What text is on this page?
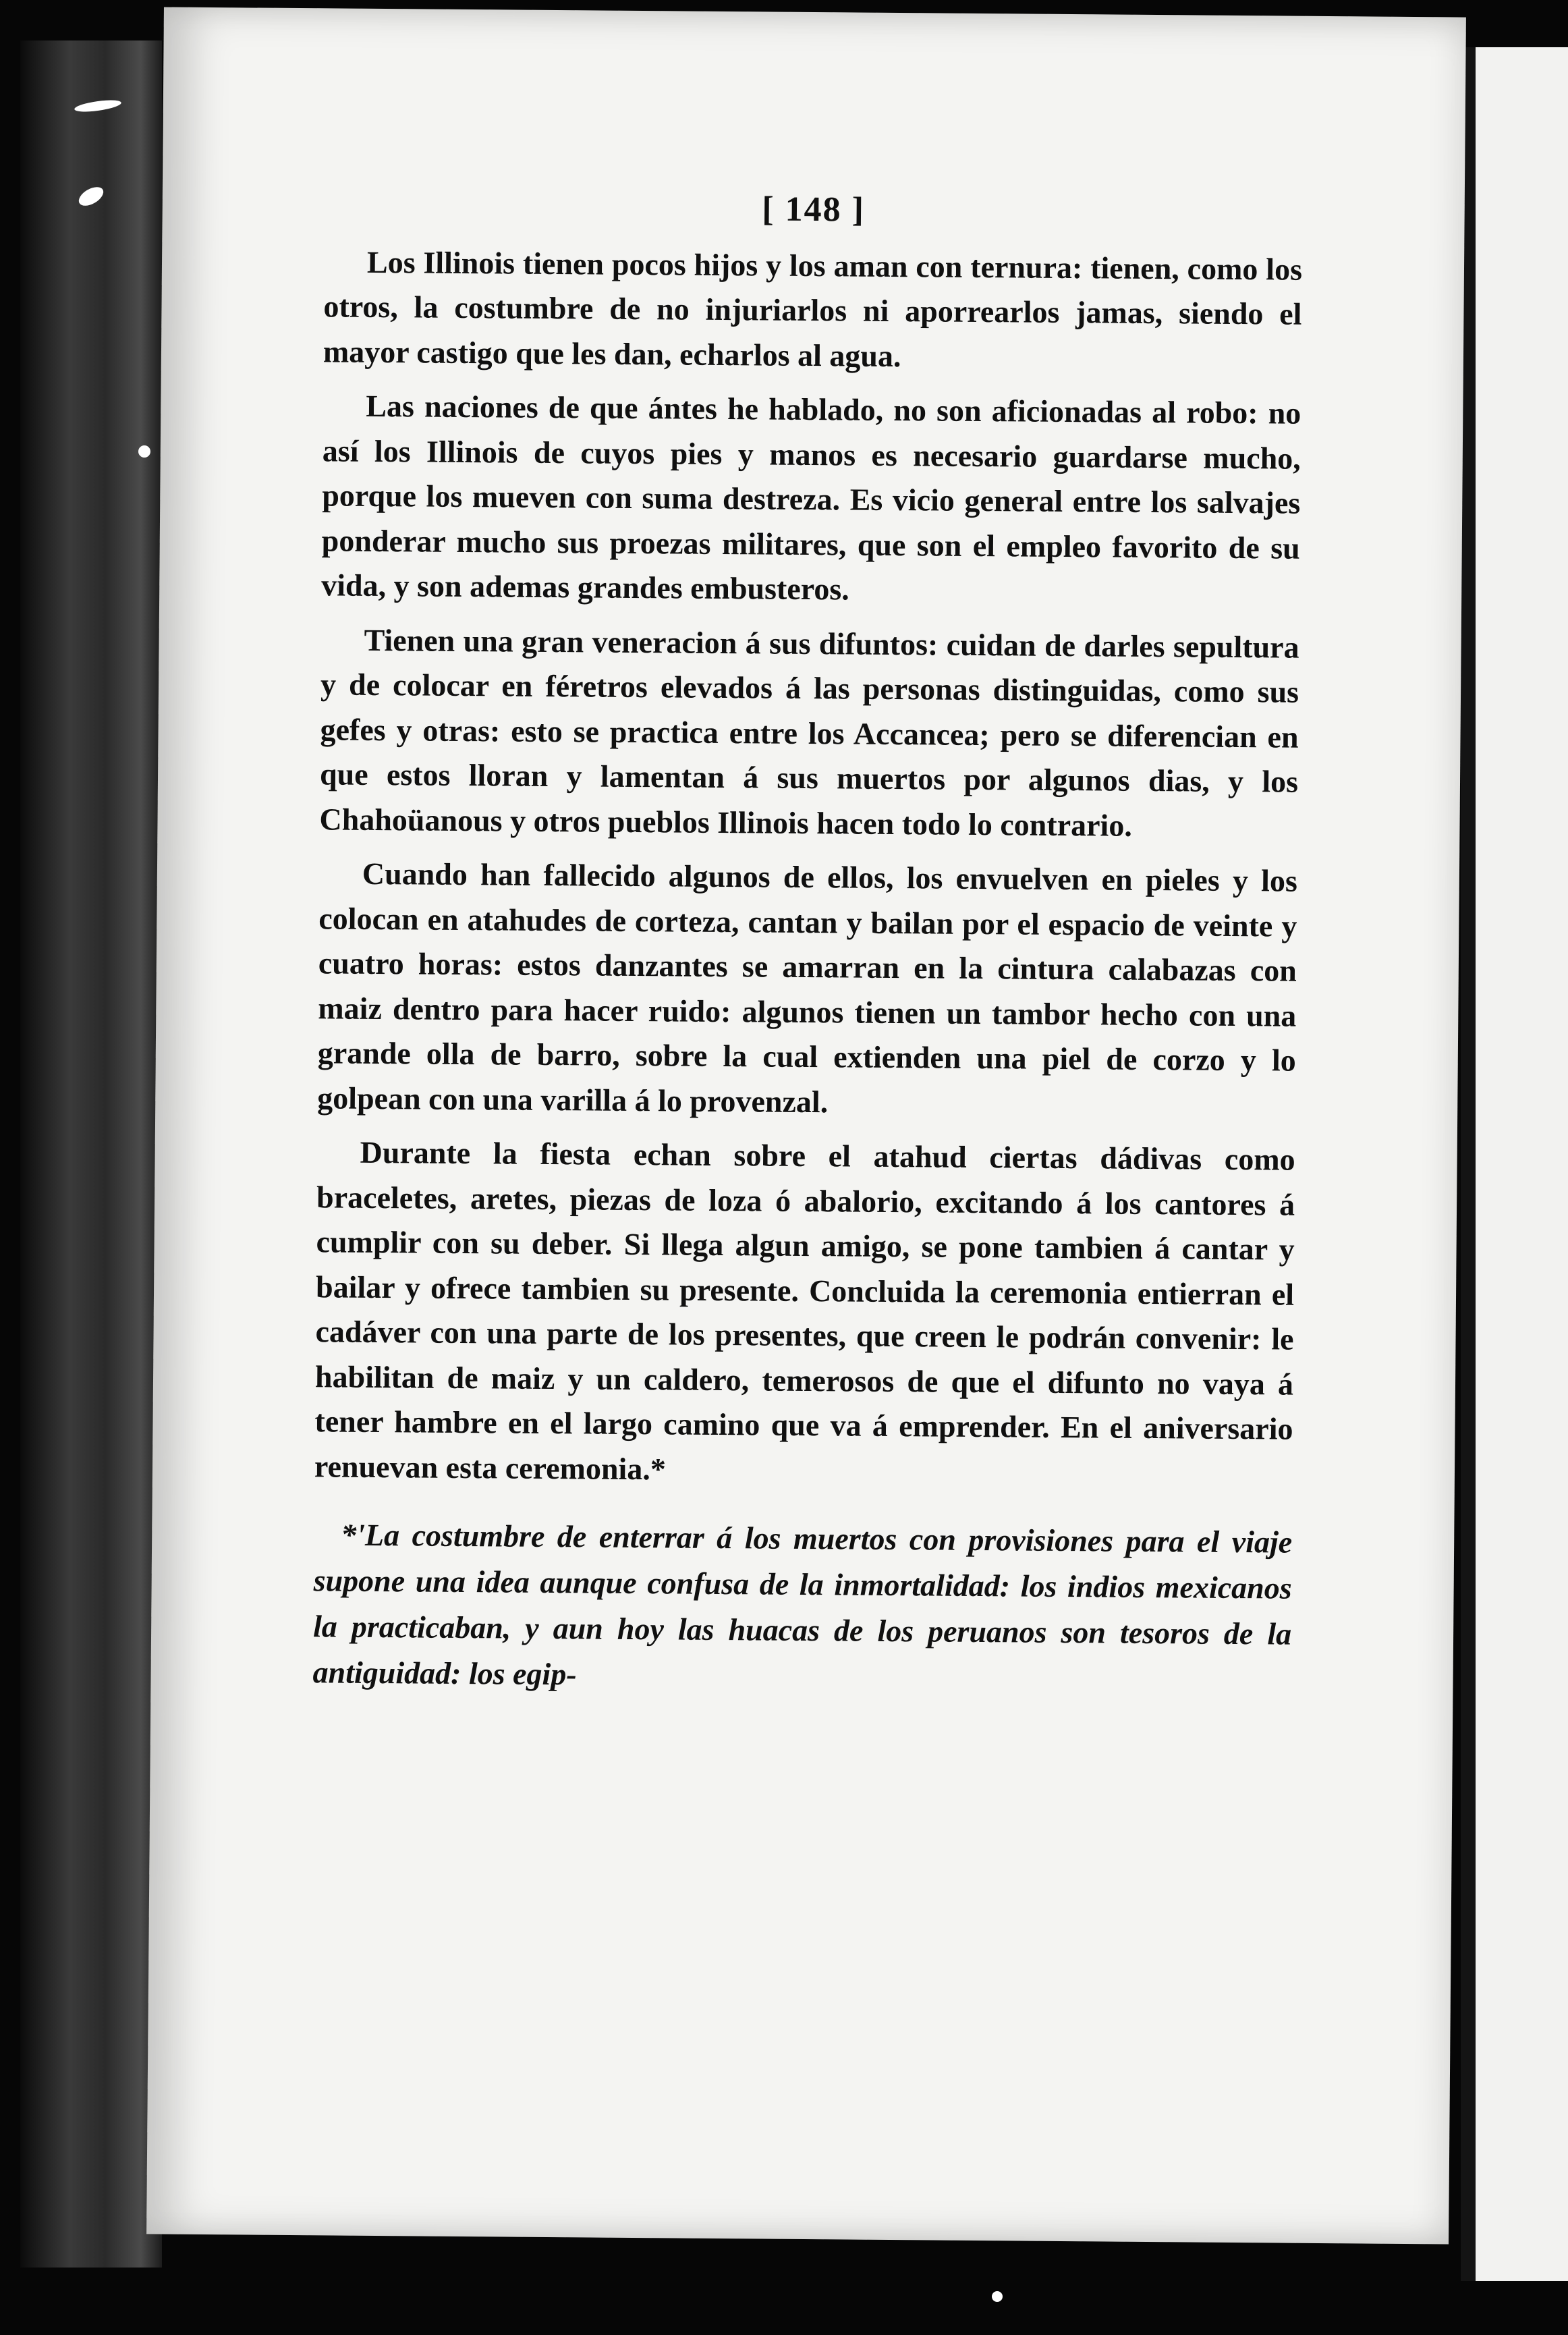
[ 148 ]

Los Illinois tienen pocos hijos y los aman con ternura: tienen, como los otros, la costumbre de no injuriarlos ni aporrearlos jamas, siendo el mayor castigo que les dan, echarlos al agua.

Las naciones de que ántes he hablado, no son aficionadas al robo: no así los Illinois de cuyos pies y manos es necesario guardarse mucho, porque los mueven con suma destreza. Es vicio general entre los salvajes ponderar mucho sus proezas militares, que son el empleo favorito de su vida, y son ademas grandes embusteros.

Tienen una gran veneracion á sus difuntos: cuidan de darles sepultura y de colocar en féretros elevados á las personas distinguidas, como sus gefes y otras: esto se practica entre los Accancea; pero se diferencian en que estos lloran y lamentan á sus muertos por algunos dias, y los Chahoüanous y otros pueblos Illinois hacen todo lo contrario.

Cuando han fallecido algunos de ellos, los envuelven en pieles y los colocan en atahudes de corteza, cantan y bailan por el espacio de veinte y cuatro horas: estos danzantes se amarran en la cintura calabazas con maiz dentro para hacer ruido: algunos tienen un tambor hecho con una grande olla de barro, sobre la cual extienden una piel de corzo y lo golpean con una varilla á lo provenzal.

Durante la fiesta echan sobre el atahud ciertas dádivas como braceletes, aretes, piezas de loza ó abalorio, excitando á los cantores á cumplir con su deber. Si llega algun amigo, se pone tambien á cantar y bailar y ofrece tambien su presente. Concluida la ceremonia entierran el cadáver con una parte de los presentes, que creen le podrán convenir: le habilitan de maiz y un caldero, temerosos de que el difunto no vaya á tener hambre en el largo camino que va á emprender. En el aniversario renuevan esta ceremonia.*

*'La costumbre de enterrar á los muertos con provisiones para el viaje supone una idea aunque confusa de la inmortalidad: los indios mexicanos la practicaban, y aun hoy las huacas de los peruanos son tesoros de la antiguidad: los egip-
